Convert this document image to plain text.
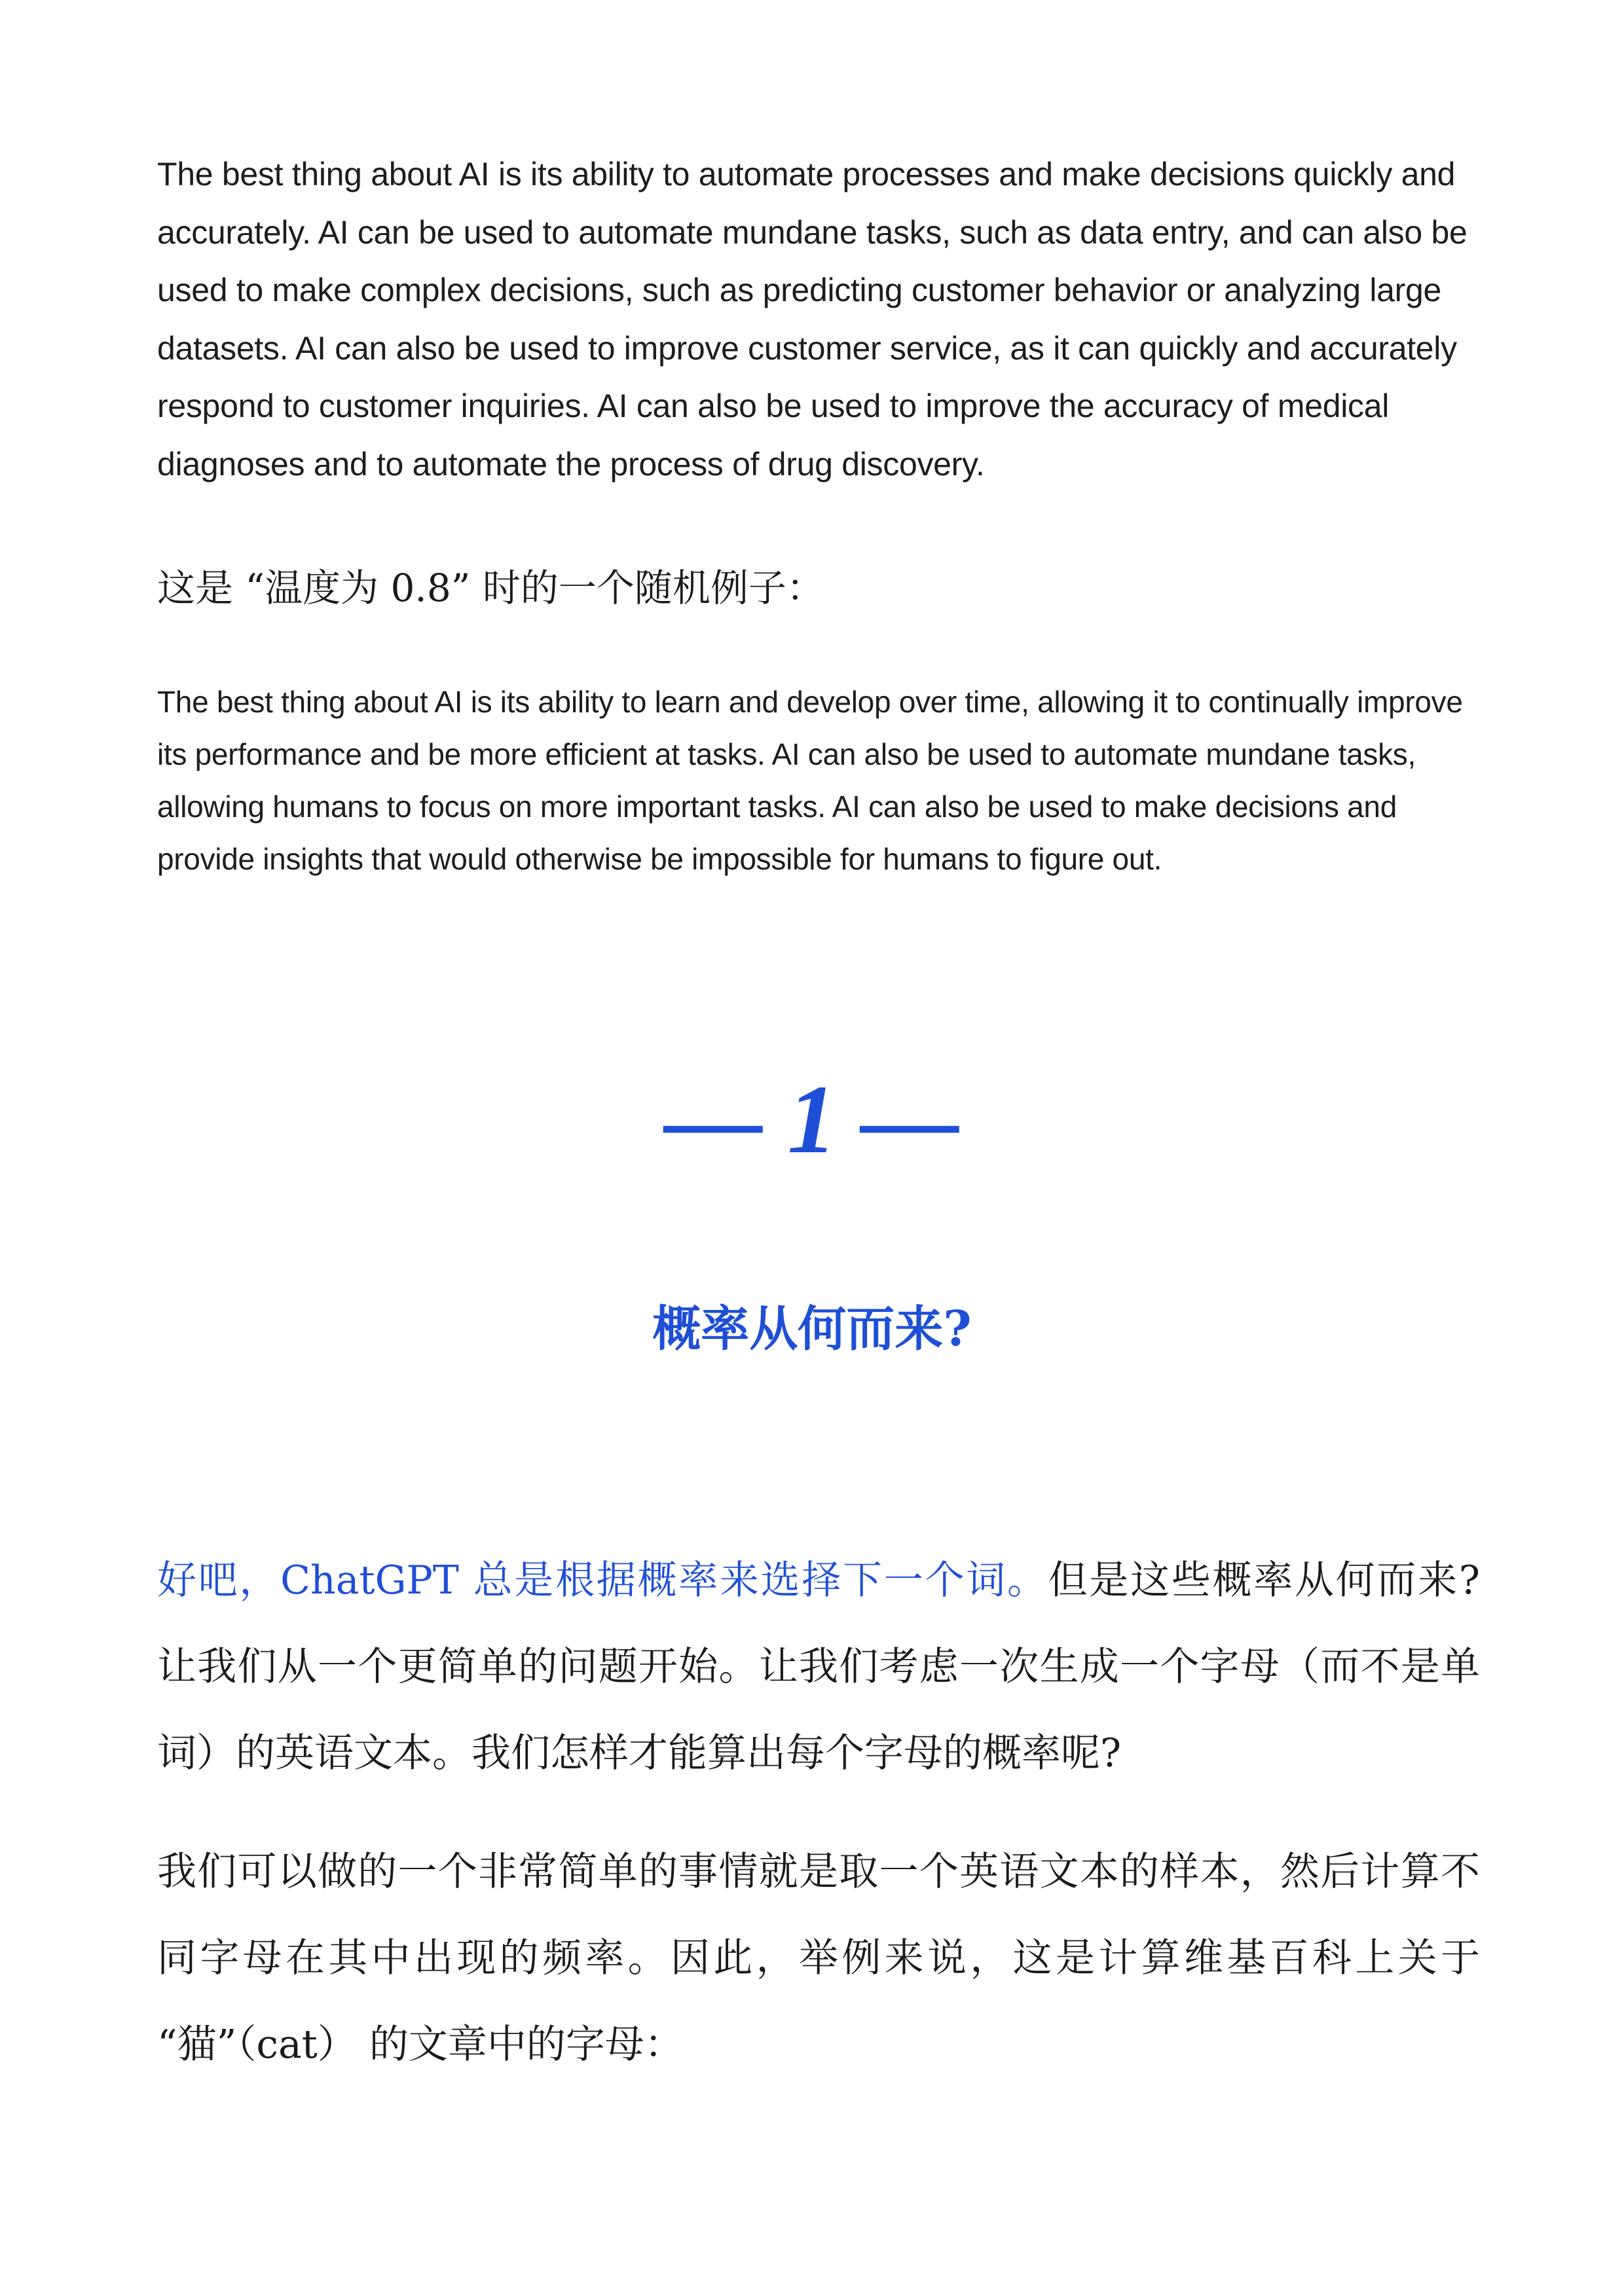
The best thing about AI is its ability to automate processes and make decisions quickly and accurately. AI can be used to automate mundane tasks, such as data entry, and can also be used to make complex decisions, such as predicting customer behavior or analyzing large datasets. AI can also be used to improve customer service, as it can quickly and accurately respond to customer inquiries. AI can also be used to improve the accuracy of medical diagnoses and to automate the process of drug discovery.

这是 “温度为 0.8” 时的一个随机例子：

The best thing about AI is its ability to learn and develop over time, allowing it to continually improve its performance and be more efficient at tasks. AI can also be used to automate mundane tasks, allowing humans to focus on more important tasks. AI can also be used to make decisions and provide insights that would otherwise be impossible for humans to figure out.

— 1 —
概率从何而来?

好吧，ChatGPT 总是根据概率来选择下一个词。但是这些概率从何而来? 让我们从一个更简单的问题开始。让我们考虑一次生成一个字母（而不是单词）的英语文本。我们怎样才能算出每个字母的概率呢?

我们可以做的一个非常简单的事情就是取一个英语文本的样本，然后计算不同字母在其中出现的频率。因此，举例来说，这是计算维基百科上关于 “猫”（cat） 的文章中的字母：
